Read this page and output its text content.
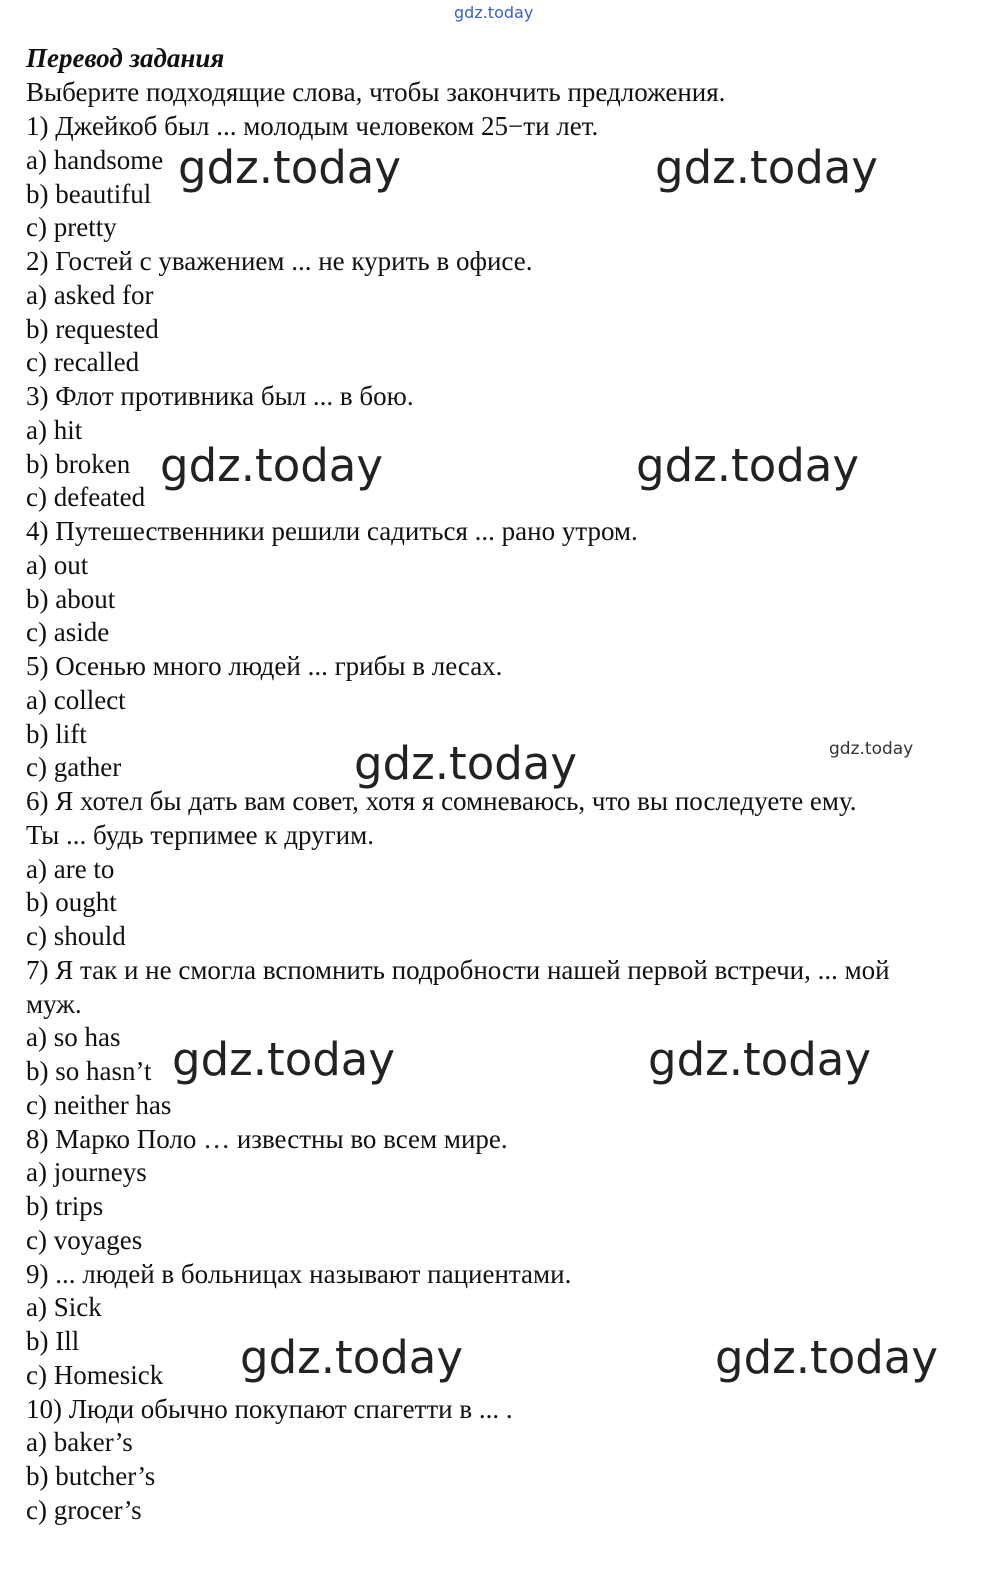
gdz.today
Перевод задания
Выберите подходящие слова, чтобы закончить предложения.
1) Джейкоб был ... молодым человеком 25−ти лет.
a) handsome
b) beautiful
c) pretty
2) Гостей с уважением ... не курить в офисе.
a) asked for
b) requested
c) recalled
3) Флот противника был ... в бою.
a) hit
b) broken
c) defeated
4) Путешественники решили садиться ... рано утром.
a) out
b) about
c) aside
5) Осенью много людей ... грибы в лесах.
a) collect
b) lift
c) gather
6) Я хотел бы дать вам совет, хотя я сомневаюсь, что вы последуете ему.
Ты ... будь терпимее к другим.
a) are to
b) ought
c) should
7) Я так и не смогла вспомнить подробности нашей первой встречи, ... мой
муж.
a) so has
b) so hasn’t
c) neither has
8) Марко Поло … известны во всем мире.
a) journeys
b) trips
c) voyages
9) ... людей в больницах называют пациентами.
a) Sick
b) Ill
c) Homesick
10) Люди обычно покупают спагетти в ... .
a) baker’s
b) butcher’s
c) grocer’s
gdz.today	gdz.today
gdz.today	gdz.today
gdz.today	gdz.today
gdz.today	gdz.today
gdz.today	gdz.today
